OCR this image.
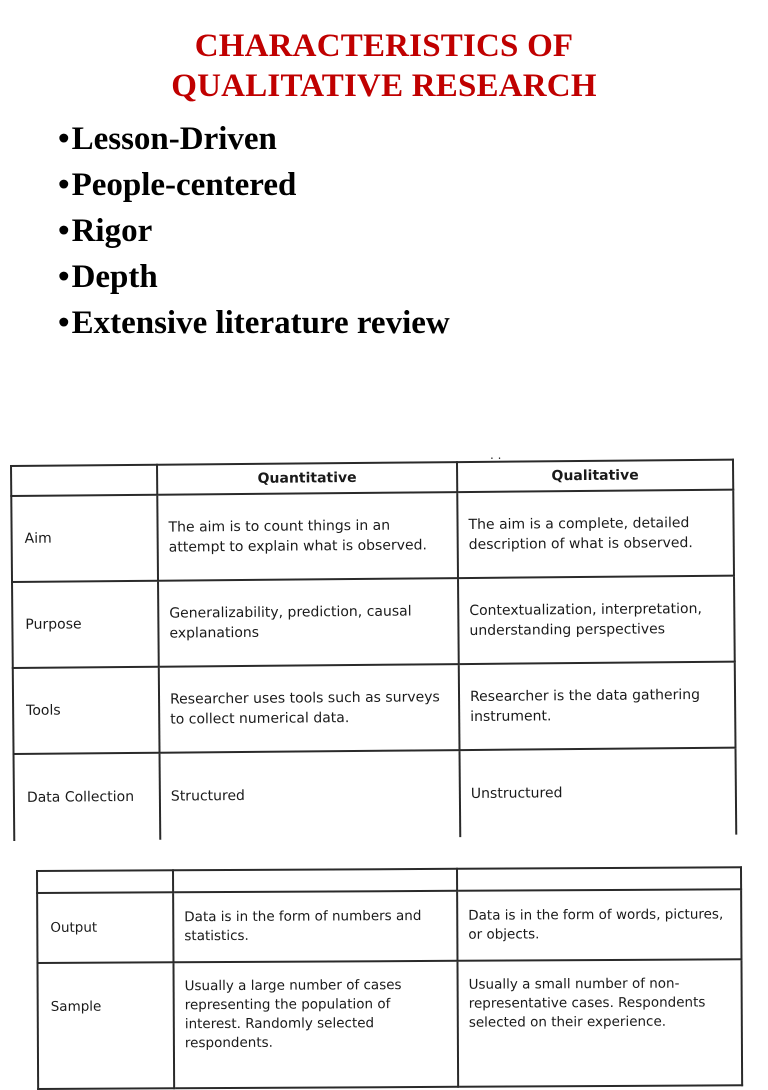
CHARACTERISTICS OF
QUALITATIVE RESEARCH
• Lesson-Driven
• People-centered
• Rigor
• Depth
• Extensive literature review
. .
	Quantitative	Qualitative
Aim	The aim is to count things in an attempt to explain what is observed.	The aim is a complete, detailed description of what is observed.
Purpose	Generalizability, prediction, causal explanations	Contextualization, interpretation, understanding perspectives
Tools	Researcher uses tools such as surveys to collect numerical data.	Researcher is the data gathering instrument.
Data Collection	Structured	Unstructured

Output	Data is in the form of numbers and statistics.	Data is in the form of words, pictures, or objects.
Sample	Usually a large number of cases representing the population of interest. Randomly selected respondents.	Usually a small number of non-representative cases. Respondents selected on their experience.
